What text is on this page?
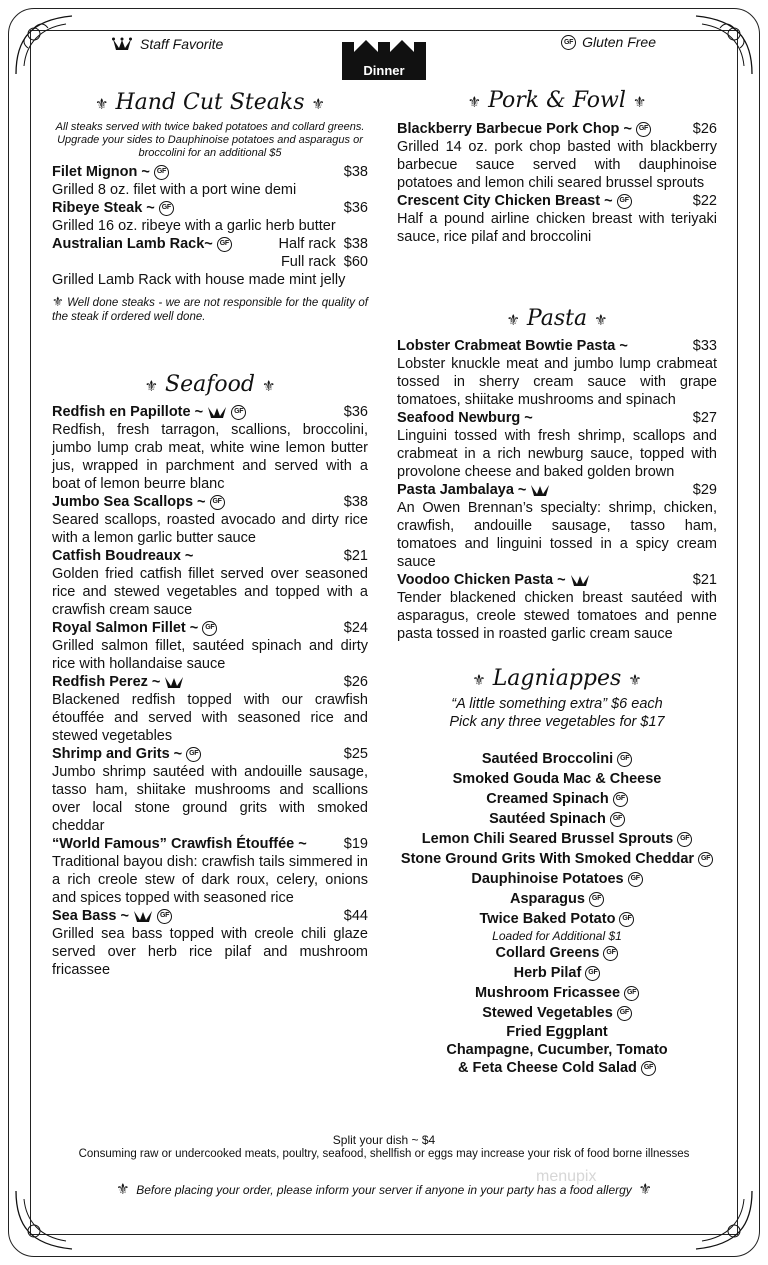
Staff Favorite	GF Gluten Free
Dinner

⚜ Hand Cut Steaks ⚜

All steaks served with twice baked potatoes and collard greens. Upgrade your sides to Dauphinoise potatoes and asparagus or broccolini for an additional $5

Filet Mignon ~ GF	$38
Grilled 8 oz. filet with a port wine demi
Ribeye Steak ~ GF	$36
Grilled 16 oz. ribeye with a garlic herb butter
Australian Lamb Rack~ GF	Half rack  $38
Full rack  $60
Grilled Lamb Rack with house made mint jelly
⚜ Well done steaks - we are not responsible for the quality of the steak if ordered well done.

⚜ Seafood ⚜

Redfish en Papillote ~	GF	$36
Redfish, fresh tarragon, scallions, broccolini, jumbo lump crab meat, white wine lemon butter jus, wrapped in parchment and served with a boat of lemon beurre blanc
Jumbo Sea Scallops ~ GF	$38
Seared scallops, roasted avocado and dirty rice with a lemon garlic butter sauce
Catfish Boudreaux ~	$21
Golden fried catfish fillet served over seasoned rice and stewed vegetables and topped with a crawfish cream sauce
Royal Salmon Fillet ~ GF	$24
Grilled salmon fillet, sautéed spinach and dirty rice with hollandaise sauce
Redfish Perez ~	$26
Blackened redfish topped with our crawfish étouffée and served with seasoned rice and stewed vegetables
Shrimp and Grits ~ GF	$25
Jumbo shrimp sautéed with andouille sausage, tasso ham, shiitake mushrooms and scallions over local stone ground grits with smoked cheddar
“World Famous” Crawfish Étouffée ~	$19
Traditional bayou dish: crawfish tails simmered in a rich creole stew of dark roux, celery, onions and spices topped with seasoned rice
Sea Bass ~	GF	$44
Grilled sea bass topped with creole chili glaze served over herb rice pilaf and mushroom fricassee

⚜ Pork & Fowl ⚜

Blackberry Barbecue Pork Chop ~ GF	$26
Grilled 14 oz. pork chop basted with blackberry barbecue sauce served with dauphinoise potatoes and lemon chili seared brussel sprouts
Crescent City Chicken Breast ~ GF	$22
Half a pound airline chicken breast with teriyaki sauce, rice pilaf and broccolini

⚜ Pasta ⚜

Lobster Crabmeat Bowtie Pasta ~	$33
Lobster knuckle meat and jumbo lump crabmeat tossed in sherry cream sauce with grape tomatoes, shiitake mushrooms and spinach
Seafood Newburg ~	$27
Linguini tossed with fresh shrimp, scallops and crabmeat in a rich newburg sauce, topped with provolone cheese and baked golden brown
Pasta Jambalaya ~	$29
An Owen Brennan’s specialty: shrimp, chicken, crawfish, andouille sausage, tasso ham, tomatoes and linguini tossed in a spicy cream sauce
Voodoo Chicken Pasta ~	$21
Tender blackened chicken breast sautéed with asparagus, creole stewed tomatoes and penne pasta tossed in roasted garlic cream sauce

⚜ Lagniappes ⚜

“A little something extra” $6 each
Pick any three vegetables for $17
Sautéed Broccolini GF
Smoked Gouda Mac & Cheese
Creamed Spinach GF
Sautéed Spinach GF
Lemon Chili Seared Brussel Sprouts GF
Stone Ground Grits With Smoked Cheddar GF
Dauphinoise Potatoes GF
Asparagus GF
Twice Baked Potato GF
Loaded for Additional $1
Collard Greens GF
Herb Pilaf GF
Mushroom Fricassee GF
Stewed Vegetables GF
Fried Eggplant
Champagne, Cucumber, Tomato
& Feta Cheese Cold Salad GF
Split your dish ~ $4
Consuming raw or undercooked meats, poultry, seafood, shellfish or eggs may increase your risk of food borne illnesses
⚜ Before placing your order, please inform your server if anyone in your party has a food allergy ⚜
menupix
